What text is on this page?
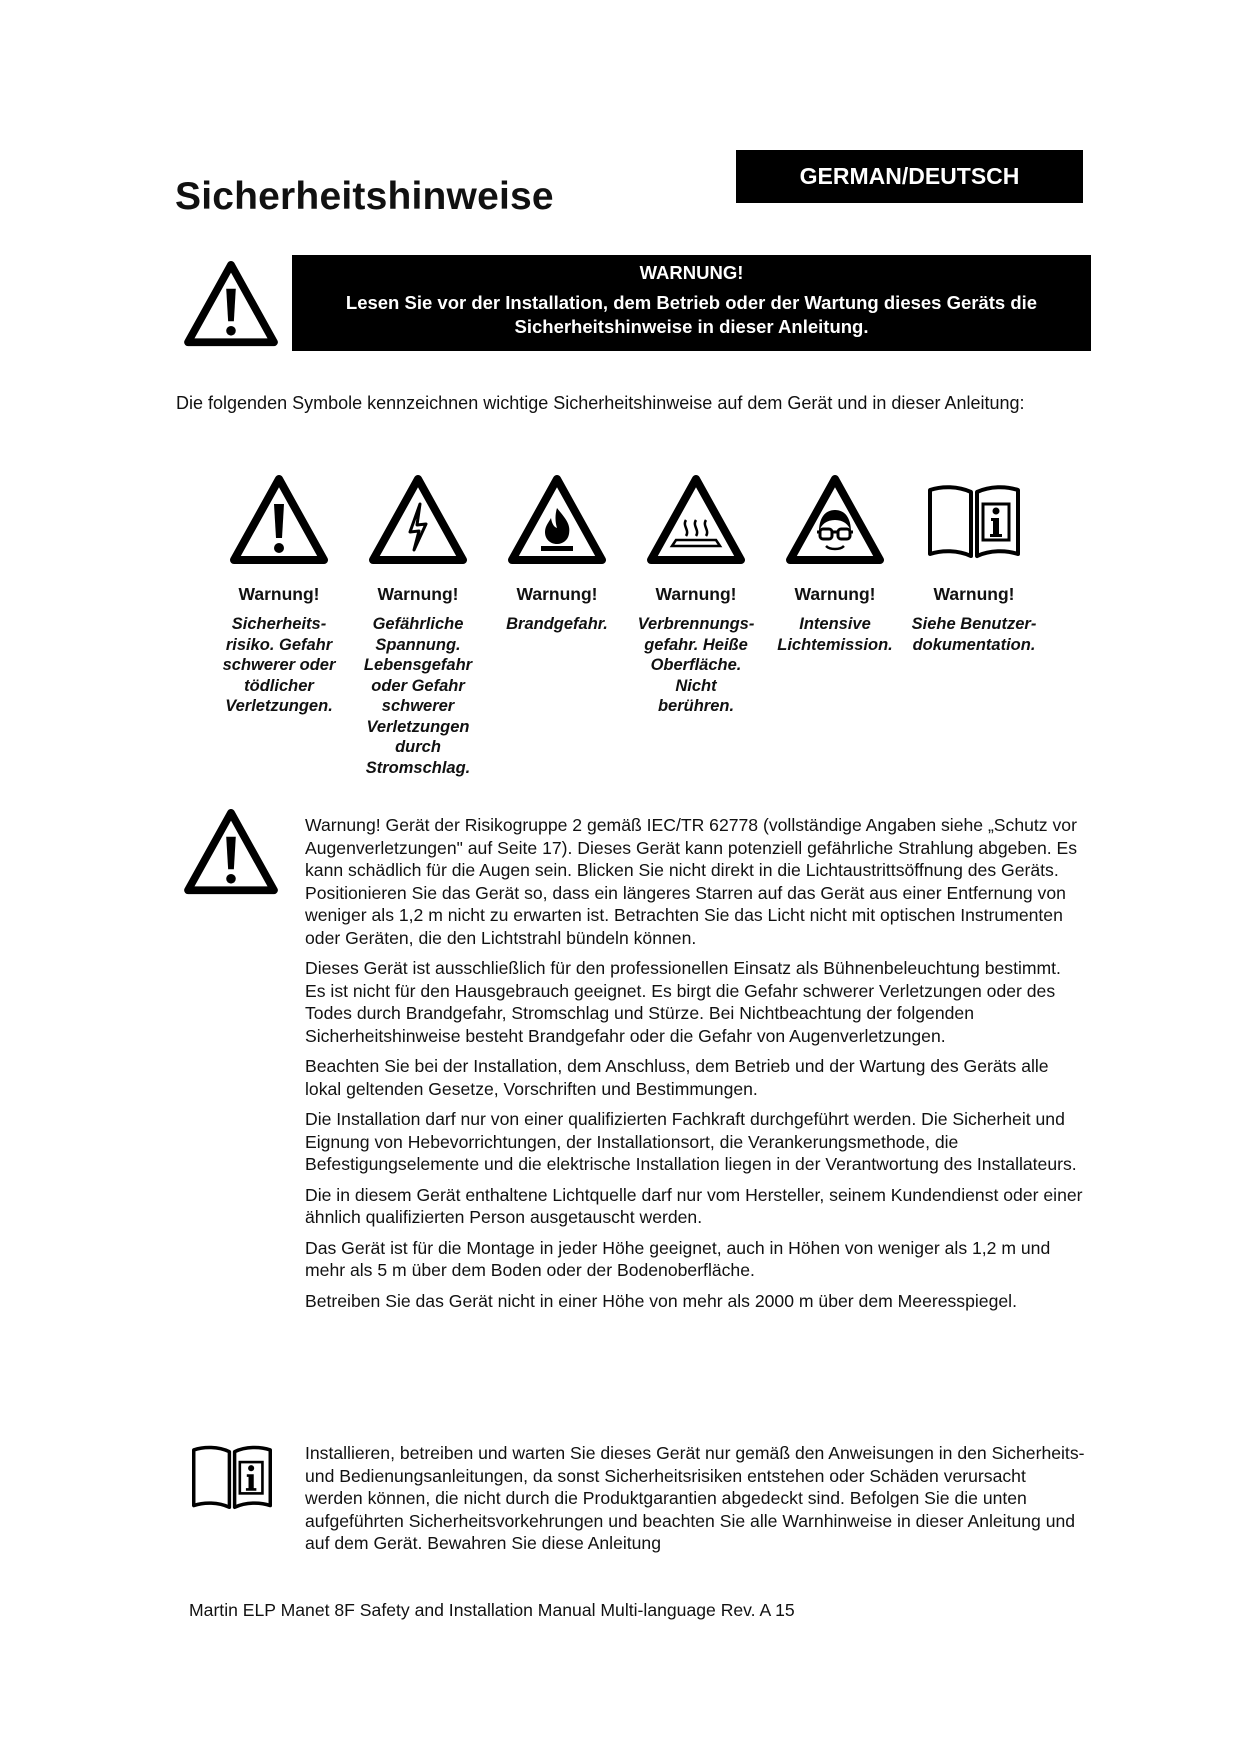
Sicherheitshinweise	GERMAN/DEUTSCH
WARNUNG!
Lesen Sie vor der Installation, dem Betrieb oder der Wartung dieses Geräts die
Sicherheitshinweise in dieser Anleitung.
Die folgenden Symbole kennzeichnen wichtige Sicherheitshinweise auf dem Gerät und in dieser Anleitung:
Warnung!
Sicherheits-
risiko. Gefahr
schwerer oder
tödlicher
Verletzungen.
Warnung!
Gefährliche
Spannung.
Lebensgefahr
oder Gefahr
schwerer
Verletzungen
durch
Stromschlag.
Warnung!
Brandgefahr.
Warnung!
Verbrennungs-
gefahr. Heiße
Oberfläche.
Nicht
berühren.
Warnung!
Intensive
Lichtemission.
Warnung!
Siehe Benutzer-
dokumentation.

Warnung! Gerät der Risikogruppe 2 gemäß IEC/TR 62778 (vollständige Angaben siehe „Schutz vor Augenverletzungen" auf Seite 17). Dieses Gerät kann potenziell gefährliche Strahlung abgeben. Es kann schädlich für die Augen sein. Blicken Sie nicht direkt in die Lichtaustrittsöffnung des Geräts. Positionieren Sie das Gerät so, dass ein längeres Starren auf das Gerät aus einer Entfernung von weniger als 1,2 m nicht zu erwarten ist. Betrachten Sie das Licht nicht mit optischen Instrumenten oder Geräten, die den Lichtstrahl bündeln können.

Dieses Gerät ist ausschließlich für den professionellen Einsatz als Bühnenbeleuchtung bestimmt. Es ist nicht für den Hausgebrauch geeignet. Es birgt die Gefahr schwerer Verletzungen oder des Todes durch Brandgefahr, Stromschlag und Stürze. Bei Nichtbeachtung der folgenden Sicherheitshinweise besteht Brandgefahr oder die Gefahr von Augenverletzungen.

Beachten Sie bei der Installation, dem Anschluss, dem Betrieb und der Wartung des Geräts alle lokal geltenden Gesetze, Vorschriften und Bestimmungen.

Die Installation darf nur von einer qualifizierten Fachkraft durchgeführt werden. Die Sicherheit und Eignung von Hebevorrichtungen, der Installationsort, die Verankerungsmethode, die Befestigungselemente und die elektrische Installation liegen in der Verantwortung des Installateurs.

Die in diesem Gerät enthaltene Lichtquelle darf nur vom Hersteller, seinem Kundendienst oder einer ähnlich qualifizierten Person ausgetauscht werden.

Das Gerät ist für die Montage in jeder Höhe geeignet, auch in Höhen von weniger als 1,2 m und mehr als 5 m über dem Boden oder der Bodenoberfläche.

Betreiben Sie das Gerät nicht in einer Höhe von mehr als 2000 m über dem Meeresspiegel.

Installieren, betreiben und warten Sie dieses Gerät nur gemäß den Anweisungen in den Sicherheits- und Bedienungsanleitungen, da sonst Sicherheitsrisiken entstehen oder Schäden verursacht werden können, die nicht durch die Produktgarantien abgedeckt sind. Befolgen Sie die unten aufgeführten Sicherheitsvorkehrungen und beachten Sie alle Warnhinweise in dieser Anleitung und auf dem Gerät. Bewahren Sie diese Anleitung
Martin ELP Manet 8F Safety and Installation Manual Multi-language Rev. A 15
